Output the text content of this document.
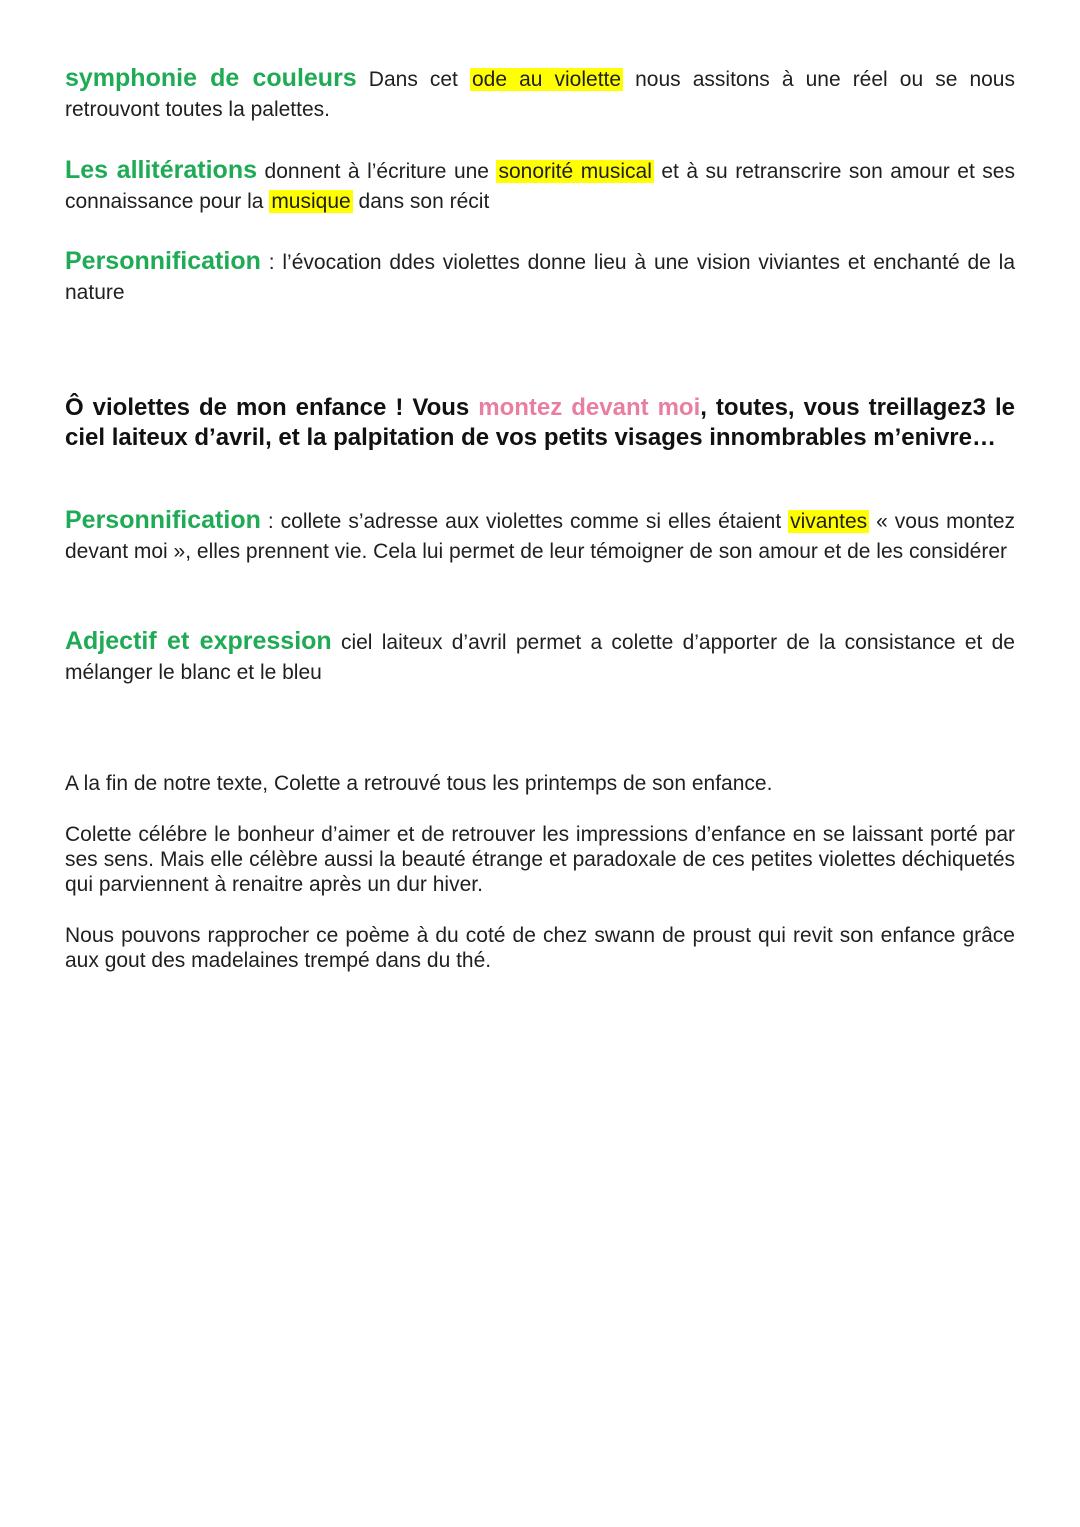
symphonie de couleurs Dans cet ode au violette nous assitons à une réel ou se nous retrouvont toutes la palettes.

Les allitérations donnent à l’écriture une sonorité musical et à su retranscrire son amour et ses connaissance pour la musique dans son récit

Personnification : l’évocation ddes violettes donne lieu à une vision viviantes et enchanté de la nature

Ô violettes de mon enfance ! Vous montez devant moi, toutes, vous treillagez3 le ciel laiteux d’avril, et la palpitation de vos petits visages innombrables m’enivre…

Personnification : collete s’adresse aux violettes comme si elles étaient vivantes « vous montez devant moi », elles prennent vie. Cela lui permet de leur témoigner de son amour et de les considérer

Adjectif et expression ciel laiteux d’avril permet a colette d’apporter de la consistance et de mélanger le blanc et le bleu

A la fin de notre texte, Colette a retrouvé tous les printemps de son enfance.

Colette célébre le bonheur d’aimer et de retrouver les impressions d’enfance en se laissant porté par ses sens. Mais elle célèbre aussi la beauté étrange et paradoxale de ces petites violettes déchiquetés qui parviennent à renaitre après un dur hiver.

Nous pouvons rapprocher ce poème à du coté de chez swann de proust qui revit son enfance grâce aux gout des madelaines trempé dans du thé.
